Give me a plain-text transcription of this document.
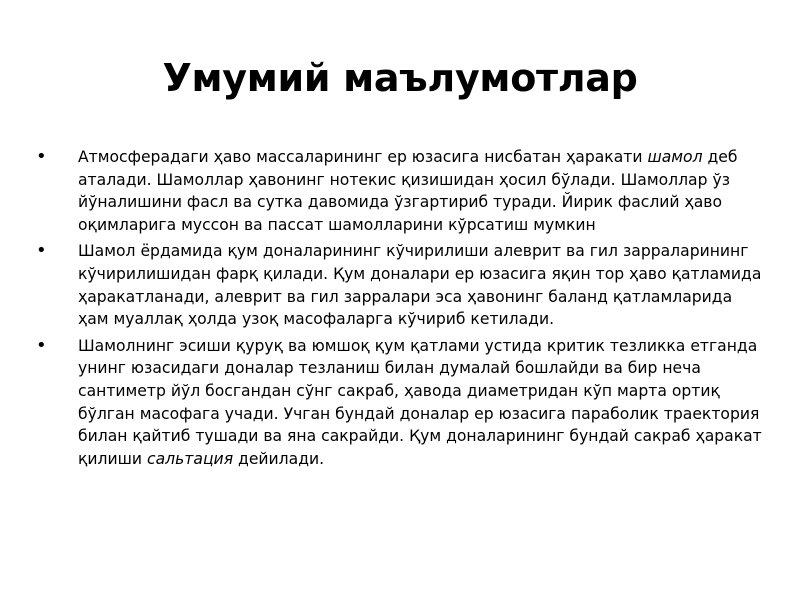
Умумий маълумотлар
• Атмосферадаги ҳаво массаларининг ер юзасига нисбатан ҳаракати шамол деб аталади. Шамоллар ҳавонинг нотекис қизишидан ҳосил бўлади. Шамоллар ўз йўналишини фасл ва сутка давомида ўзгартириб туради. Йирик фаслий ҳаво оқимларига муссон ва пассат шамолларини кўрсатиш мумкин
• Шамол ёрдамида қум доналарининг кўчирилиши алеврит ва гил зарраларининг кўчирилишидан фарқ қилади. Қум доналари ер юзасига яқин тор ҳаво қатламида ҳаракатланади, алеврит ва гил зарралари эса ҳавонинг баланд қатламларида ҳам муаллақ ҳолда узоқ масофаларга кўчириб кетилади.
• Шамолнинг эсиши қуруқ ва юмшоқ қум қатлами устида критик тезликка етганда унинг юзасидаги доналар тезланиш билан думалай бошлайди ва бир неча сантиметр йўл босгандан сўнг сакраб, ҳавода диаметридан кўп марта ортиқ бўлган масофага учади. Учган бундай доналар ер юзасига параболик траектория билан қайтиб тушади ва яна сакрайди. Қум доналарининг бундай сакраб ҳаракат қилиши сальтация дейилади.
